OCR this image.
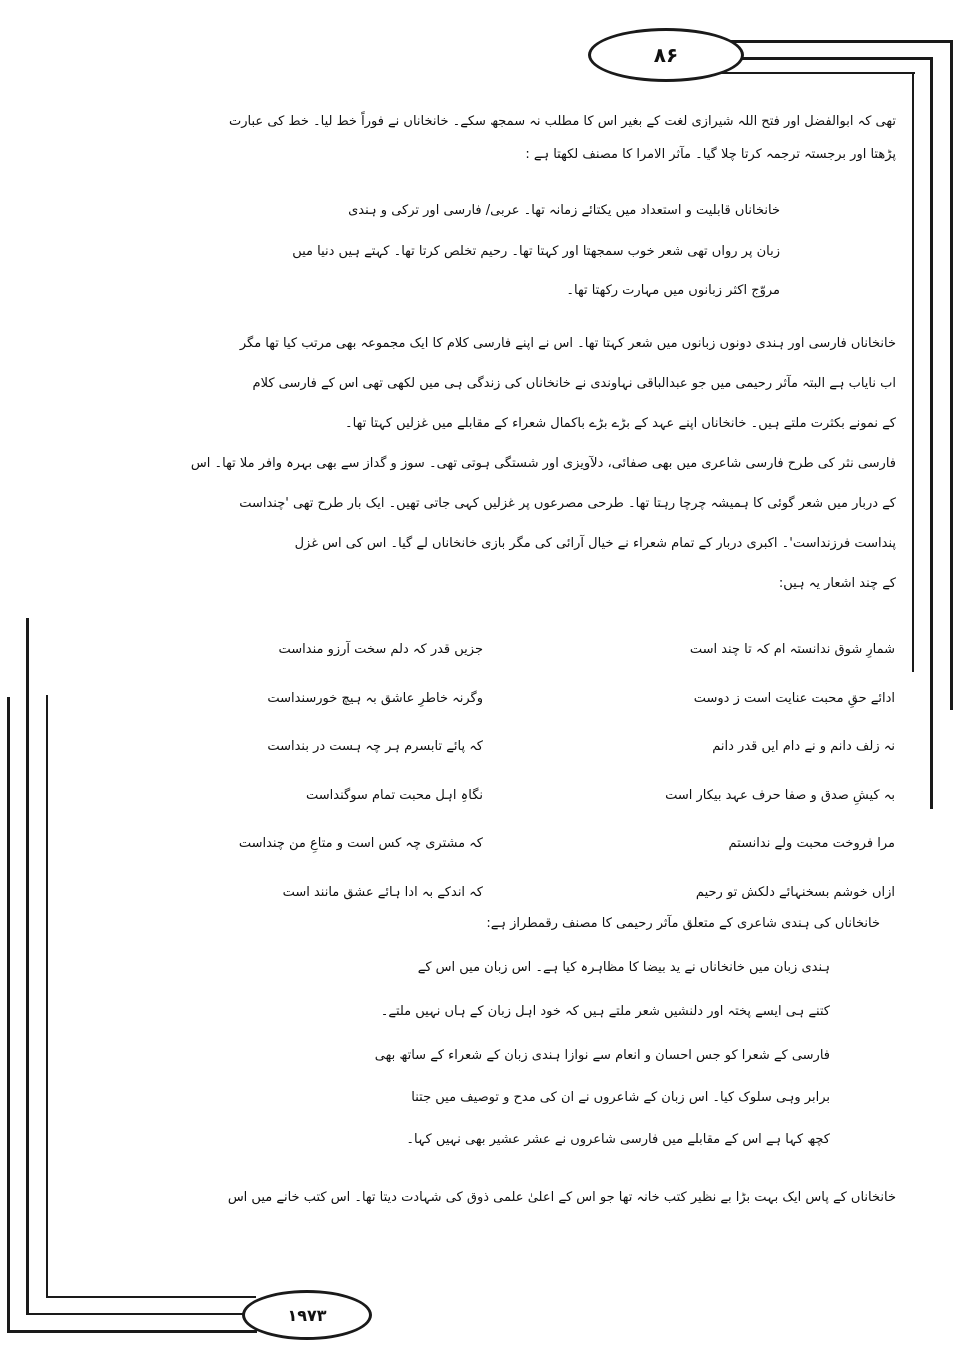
۸۶
۱۹۷۳
تھی کہ ابوالفضل اور فتح اللہ شیرازی لغت کے بغیر اس کا مطلب نہ سمجھ سکے۔ خانخاناں نے فوراً خط لیا۔ خط کی عبارت
پڑھتا اور برجستہ ترجمہ کرتا چلا گیا۔ مآثر الامرا کا مصنف لکھتا ہے :
خانخاناں قابلیت و استعداد میں یکتائے زمانہ تھا۔ عربی/ فارسی اور ترکی و ہندی
زبان پر رواں تھی شعر خوب سمجھتا اور کہتا تھا۔ رحیم تخلص کرتا تھا۔ کہتے ہیں دنیا میں
مروّج اکثر زبانوں میں مہارت رکھتا تھا۔
خانخاناں فارسی اور ہندی دونوں زبانوں میں شعر کہتا تھا۔ اس نے اپنے فارسی کلام کا ایک مجموعہ بھی مرتب کیا تھا مگر
اب نایاب ہے البتہ مآثر رحیمی میں جو عبدالباقی نہاوندی نے خانخاناں کی زندگی ہی میں لکھی تھی اس کے فارسی کلام
کے نمونے بکثرت ملتے ہیں۔ خانخاناں اپنے عہد کے بڑے بڑے باکمال شعراء کے مقابلے میں غزلیں کہتا تھا۔
فارسی نثر کی طرح فارسی شاعری میں بھی صفائی، دلآویزی اور شستگی ہوتی تھی۔ سوز و گداز سے بھی بہرہ وافر ملا تھا۔ اس
کے دربار میں شعر گوئی کا ہمیشہ چرچا رہتا تھا۔ طرحی مصرعوں پر غزلیں کہی جاتی تھیں۔ ایک بار طرح تھی 'چنداست
پنداست فرزنداست'۔ اکبری دربار کے تمام شعراء نے خیال آرائی کی مگر بازی خانخاناں لے گیا۔ اس کی اس غزل
کے چند اشعار یہ ہیں:
شمارِ شوق ندانستہ ام کہ تا چند است
جزیں قدر کہ دلم سخت آرزو منداست
ادائے حقِ محبت عنایت است ز دوست
وگرنہ خاطرِ عاشق بہ ہیچ خورسنداست
نہ زلف دانم و نے دام ایں قدر دانم
کہ پائے تابسرم ہر چہ ہست در بنداست
بہ کیشِ صدق و صفا حرف عہد بیکار است
نگاہِ اہل محبت تمام سوگنداست
مرا فروخت محبت ولے ندانستم
کہ مشتری چہ کس است و متاعِ من چنداست
ازاں خوشم بسخنہائے دلکش تو رحیم
کہ اندکے بہ ادا ہائے عشق مانند است
خانخاناں کی ہندی شاعری کے متعلق مآثر رحیمی کا مصنف رقمطراز ہے:
ہندی زبان میں خانخاناں نے ید بیضا کا مظاہرہ کیا ہے۔ اس زبان میں اس کے
کتنے ہی ایسے پختہ اور دلنشیں شعر ملتے ہیں کہ خود اہل زبان کے ہاں نہیں ملتے۔
فارسی کے شعرا کو جس احسان و انعام سے نوازا ہندی زبان کے شعراء کے ساتھ بھی
برابر وہی سلوک کیا۔ اس زبان کے شاعروں نے ان کی مدح و توصیف میں جتنا
کچھ کہا ہے اس کے مقابلے میں فارسی شاعروں نے عشر عشیر بھی نہیں کہا۔
خانخاناں کے پاس ایک بہت بڑا بے نظیر کتب خانہ تھا جو اس کے اعلیٰ علمی ذوق کی شہادت دیتا تھا۔ اس کتب خانے میں اس
